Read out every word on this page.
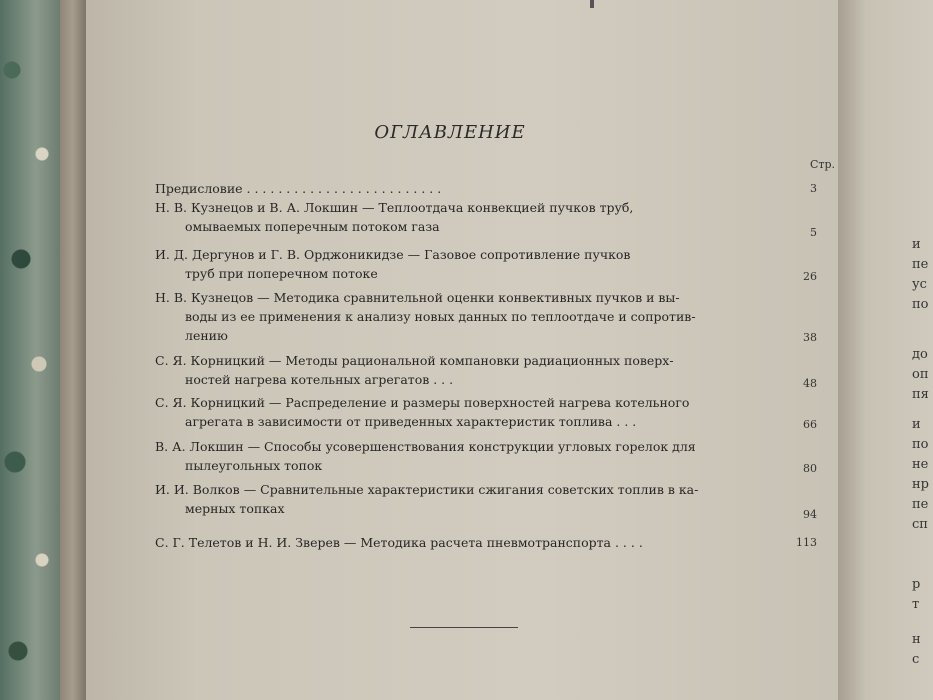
ОГЛАВЛЕНИЕ
Стр.
Предисловие . . . . . . . . . . . . . . . . . . . . . . . . .	3
Н. В. Кузнецов и В. А. Локшин — Теплоотдача конвекцией пучков труб,
омываемых поперечным потоком газа	5
И. Д. Дергунов и Г. В. Орджоникидзе — Газовое сопротивление пучков
труб при поперечном потоке	26
Н. В. Кузнецов — Методика сравнительной оценки конвективных пучков и вы-
воды из ее применения к анализу новых данных по теплоотдаче и сопротив-
лению	38
С. Я. Корницкий — Методы рациональной компановки радиационных поверх-
ностей нагрева котельных агрегатов . . .	48
С. Я. Корницкий — Распределение и размеры поверхностей нагрева котельного
агрегата в зависимости от приведенных характеристик топлива . . .	66
В. А. Локшин — Способы усовершенствования конструкции угловых горелок для
пылеугольных топок	80
И. И. Волков — Сравнительные характеристики сжигания советских топлив в ка-
мерных топках	94
С. Г. Телетов и Н. И. Зверев — Методика расчета пневмотранспорта . . . .	113
и
пе
ус
по
до
оп
пя
и
по
не
нр
пе
сп
р
т
н
с
